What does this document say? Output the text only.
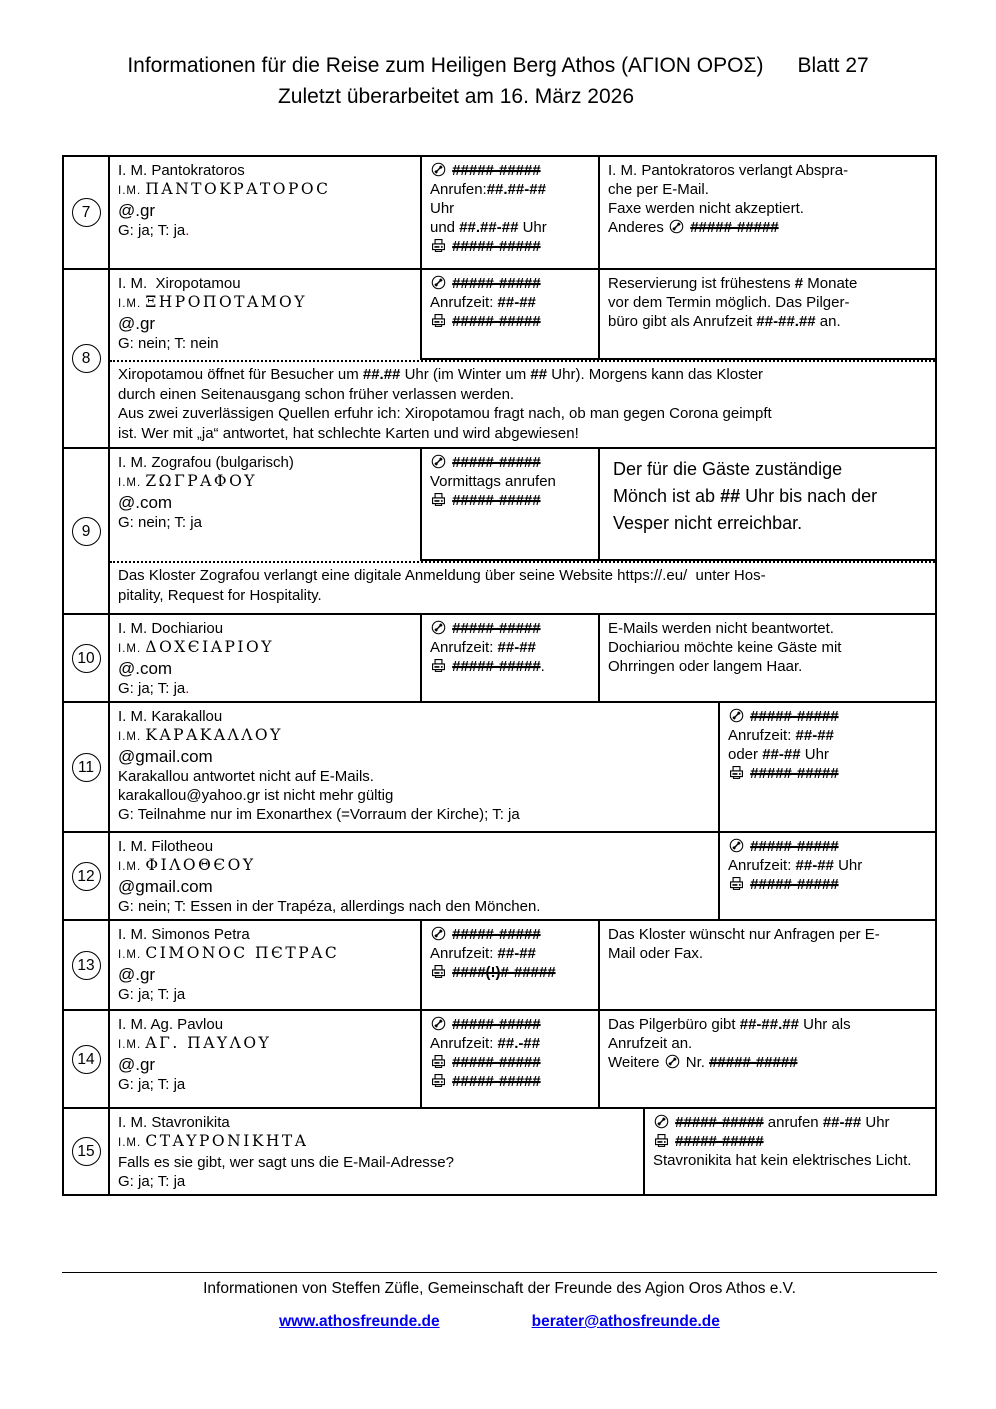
Informationen für die Reise zum Heiligen Berg Athos (ΑΓΙΟΝ ΟΡΟΣ) Blatt 27
Zuletzt überarbeitet am 16. März 2026
7
I. M. Pantokratoros
I.M. ΠΑΝΤΟΚΡΑΤΟΡΟC
@.gr
G: ja; T: ja.
#####-#####
Anrufen:##.##-##
Uhr
und ##.##-## Uhr
#####-#####
I. M. Pantokratoros verlangt Abspra-
che per E-Mail.
Faxe werden nicht akzeptiert.
Anderes  #####-#####
8
I. M.  Xiropotamou
I.M. ΞΗΡΟΠΟΤΑΜΟΥ
@.gr
G: nein; T: nein
#####-#####
Anrufzeit: ##-##
#####-#####
Reservierung ist frühestens # Monate
vor dem Termin möglich. Das Pilger-
büro gibt als Anrufzeit ##-##.## an.
Xiropotamou öffnet für Besucher um ##.## Uhr (im Winter um ## Uhr). Morgens kann das Kloster
durch einen Seitenausgang schon früher verlassen werden.
Aus zwei zuverlässigen Quellen erfuhr ich: Xiropotamou fragt nach, ob man gegen Corona geimpft
ist. Wer mit „ja“ antwortet, hat schlechte Karten und wird abgewiesen!
9
I. M. Zografou (bulgarisch)
I.M. ΖΩΓΡΑΦΟΥ
@.com
G: nein; T: ja
#####-#####
Vormittags anrufen
#####-#####
Der für die Gäste zuständige
Mönch ist ab ## Uhr bis nach der
Vesper nicht erreichbar.
Das Kloster Zografou verlangt eine digitale Anmeldung über seine Website https://.eu/  unter Hos-
pitality, Request for Hospitality.
10
I. M. Dochiariou
I.M. ΔΟΧЄΙΑΡΙΟΥ
@.com
G: ja; T: ja.
#####-#####
Anrufzeit: ##-##
#####-#####.
E-Mails werden nicht beantwortet.
Dochiariou möchte keine Gäste mit
Ohrringen oder langem Haar.
11
I. M. Karakallou
I.M. ΚΑΡΑΚΑΛΛΟΥ
@gmail.com
Karakallou antwortet nicht auf E-Mails.
karakallou@yahoo.gr ist nicht mehr gültig
G: Teilnahme nur im Exonarthex (=Vorraum der Kirche); T: ja
#####-#####
Anrufzeit: ##-##
oder ##-## Uhr
#####-#####
12
I. M. Filotheou
I.M. ΦΙΛΟΘЄΟΥ
@gmail.com
G: nein; T: Essen in der Trapéza, allerdings nach den Mönchen.
#####-#####
Anrufzeit: ##-## Uhr
#####-#####
13
I. M. Simonos Petra
I.M. CΙΜΟΝΟC ΠЄΤΡΑC
@.gr
G: ja; T: ja
#####-#####
Anrufzeit: ##-##
####(!)#-#####
Das Kloster wünscht nur Anfragen per E-
Mail oder Fax.
14
I. M. Ag. Pavlou
I.M. ΑΓ. ΠΑΥΛΟΥ
@.gr
G: ja; T: ja
#####-#####
Anrufzeit: ##.-##
#####-#####
#####-#####
Das Pilgerbüro gibt ##-##.## Uhr als
Anrufzeit an.
Weitere  Nr. #####-#####
15
I. M. Stavronikita
I.M. CΤΑΥΡΟΝΙΚΗΤΑ
Falls es sie gibt, wer sagt uns die E-Mail-Adresse?
G: ja; T: ja
#####-##### anrufen ##-## Uhr
#####-#####
Stavronikita hat kein elektrisches Licht.
Informationen von Steffen Züfle, Gemeinschaft der Freunde des Agion Oros Athos e.V.
www.athosfreunde.de	berater@athosfreunde.de
